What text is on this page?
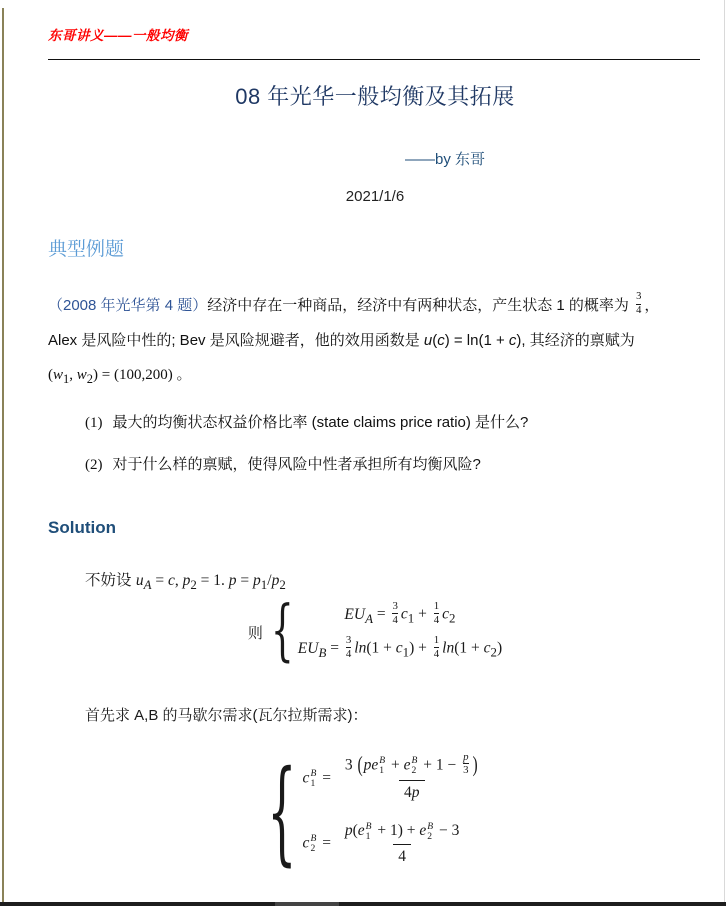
东哥讲义——一般均衡
08 年光华一般均衡及其拓展
——by 东哥
2021/1/6
典型例题
（2008 年光华第 4 题）经济中存在一种商品，经济中有两种状态，产生状态 1 的概率为 $\frac{3}{4}$ ，
Alex 是风险中性的; Bev 是风险规避者，他的效用函数是 u(c) = ln(1 + c), 其经济的禀赋为
($w_1$, $w_2) = (100,200)$ 。
(1) 最大的均衡状态权益价格比率 (state claims price ratio) 是什么?
(2) 对于什么样的禀赋，使得风险中性者承担所有均衡风险?
Solution
不妨设 $u_A = c$, $p_2 = 1$. $p = p_1/p_2$
则 {	$EU_A = \frac{3}{4} c_1 + \frac{1}{4} c_2$
$EU_B = \frac{3}{4} \ln(1 + c_1) + \frac{1}{4} \ln(1 + c_2)$
首先求 A,B 的马歇尔需求(瓦尔拉斯需求)：
{ c B
1 = 3 (pe B
1 + e B
$2 + 1 - \frac{p}{3}$ )
4p
c B
2 = p(e B
1 + 1) + e B
2 − 3
4
